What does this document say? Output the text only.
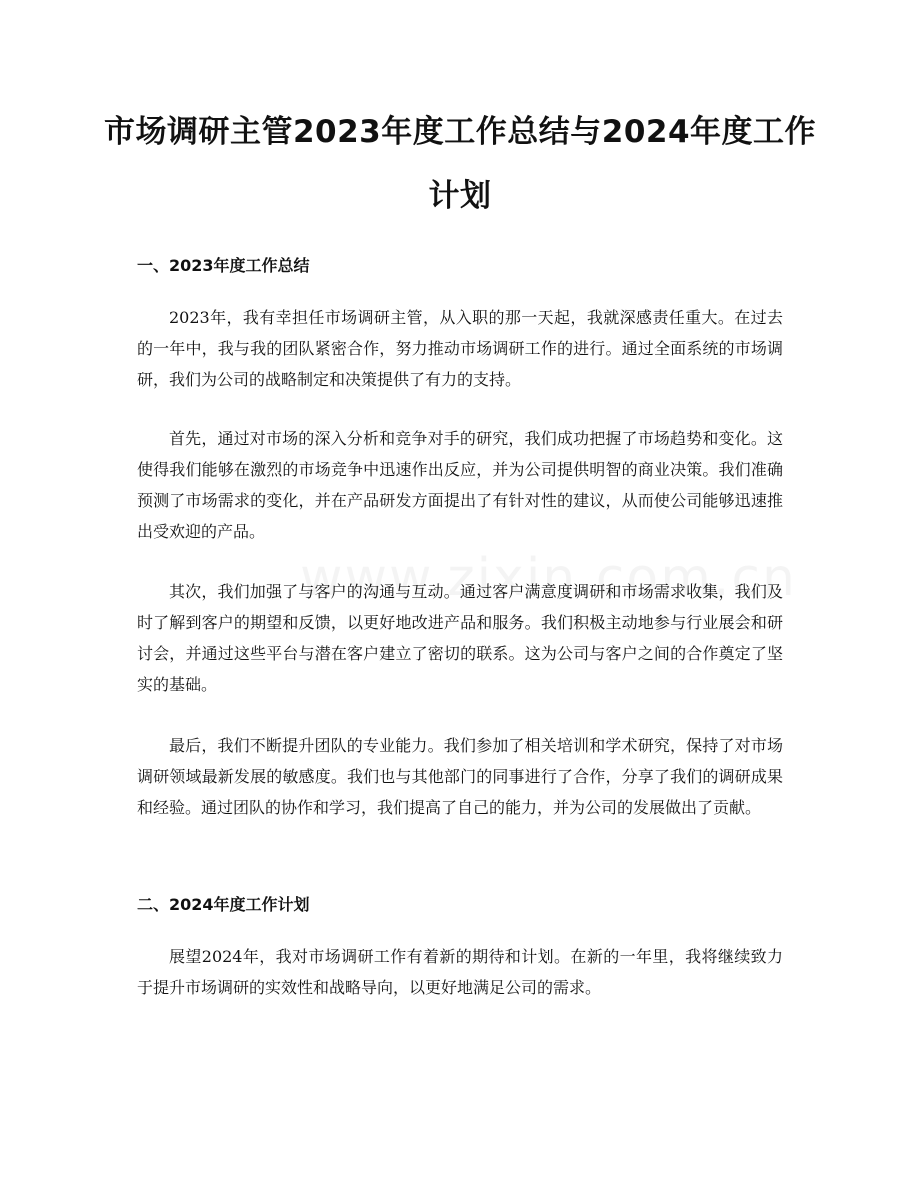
市场调研主管2023年度工作总结与2024年度工作计划
一、2023年度工作总结

2023年，我有幸担任市场调研主管，从入职的那一天起，我就深感责任重大。在过去的一年中，我与我的团队紧密合作，努力推动市场调研工作的进行。通过全面系统的市场调研，我们为公司的战略制定和决策提供了有力的支持。

首先，通过对市场的深入分析和竞争对手的研究，我们成功把握了市场趋势和变化。这使得我们能够在激烈的市场竞争中迅速作出反应，并为公司提供明智的商业决策。我们准确预测了市场需求的变化，并在产品研发方面提出了有针对性的建议，从而使公司能够迅速推出受欢迎的产品。

其次，我们加强了与客户的沟通与互动。通过客户满意度调研和市场需求收集，我们及时了解到客户的期望和反馈，以更好地改进产品和服务。我们积极主动地参与行业展会和研讨会，并通过这些平台与潜在客户建立了密切的联系。这为公司与客户之间的合作奠定了坚实的基础。

最后，我们不断提升团队的专业能力。我们参加了相关培训和学术研究，保持了对市场调研领域最新发展的敏感度。我们也与其他部门的同事进行了合作，分享了我们的调研成果和经验。通过团队的协作和学习，我们提高了自己的能力，并为公司的发展做出了贡献。

二、2024年度工作计划

展望2024年，我对市场调研工作有着新的期待和计划。在新的一年里，我将继续致力于提升市场调研的实效性和战略导向，以更好地满足公司的需求。
